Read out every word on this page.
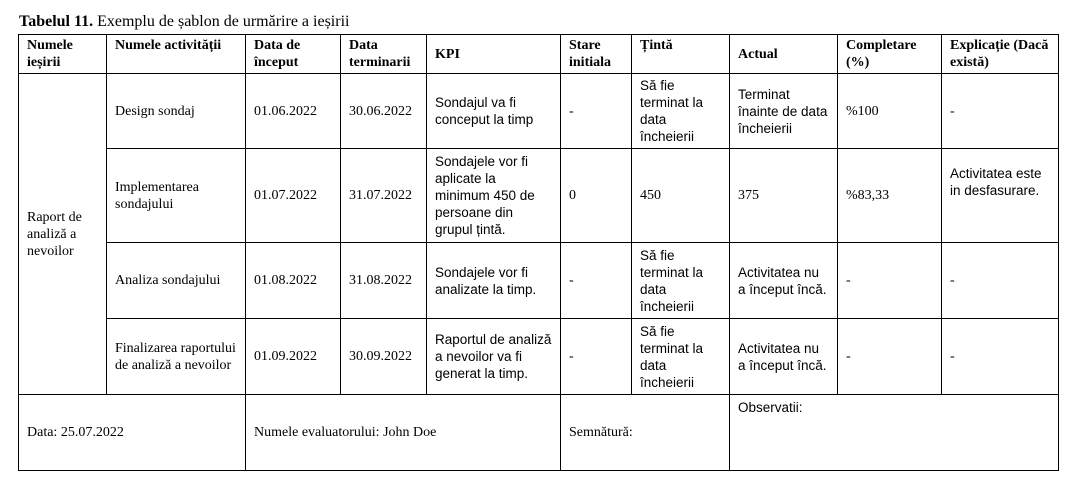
Tabelul 11. Exemplu de șablon de urmărire a ieșirii
Numele ieșirii	Numele activității	Data de început	Data terminarii	KPI	Stare initiala	Țintă	Actual	Completare (%)	Explicație (Dacă există)
Raport de analiză a nevoilor	Design sondaj	01.06.2022	30.06.2022	Sondajul va fi conceput la timp	-	Să fie terminat la data încheierii	Terminat înainte de data încheierii	%100	-
	Implementarea sondajului	01.07.2022	31.07.2022	Sondajele vor fi aplicate la minimum 450 de persoane din grupul țintă.	0	450	375	%83,33	Activitatea este in desfasurare.
	Analiza sondajului	01.08.2022	31.08.2022	Sondajele vor fi analizate la timp.	-	Să fie terminat la data încheierii	Activitatea nu a început încă.	-	-
	Finalizarea raportului de analiză a nevoilor	01.09.2022	30.09.2022	Raportul de analiză a nevoilor va fi generat la timp.	-	Să fie terminat la data încheierii	Activitatea nu a început încă.	-	-
Data: 25.07.2022		Numele evaluatorului: John Doe			Semnătură:		Observatii:		
